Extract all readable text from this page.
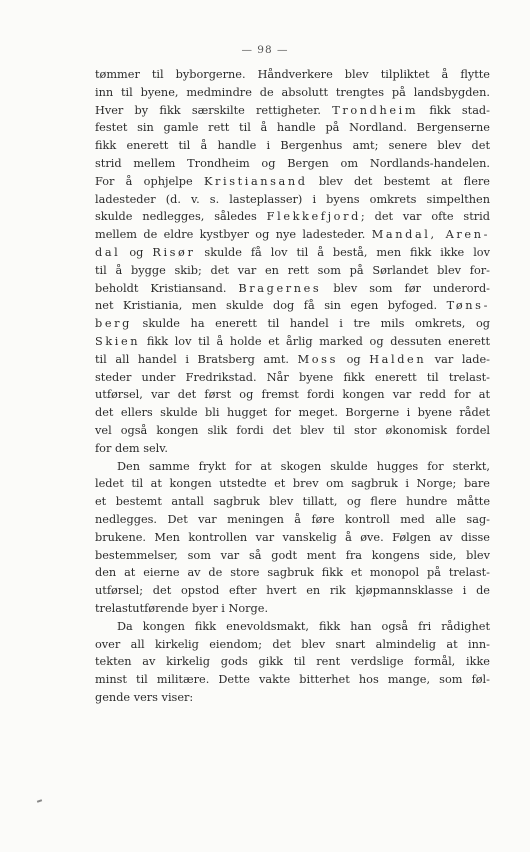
— 98 —
tømmer til byborgerne. Håndverkere blev tilpliktet å flytte
inn til byene, medmindre de absolutt trengtes på landsbygden.
Hver by fikk særskilte rettigheter. Trondheim fikk stad-
festet sin gamle rett til å handle på Nordland. Bergenserne
fikk enerett til å handle i Bergenhus amt; senere blev det
strid mellem Trondheim og Bergen om Nordlands-handelen.
For å ophjelpe Kristiansand blev det bestemt at flere
ladesteder (d. v. s. lasteplasser) i byens omkrets simpelthen
skulde nedlegges, således Flekkefjord; det var ofte strid
mellem de eldre kystbyer og nye ladesteder. Mandal, Aren-
dal og Risør skulde få lov til å bestå, men fikk ikke lov
til å bygge skib; det var en rett som på Sørlandet blev for-
beholdt Kristiansand. Bragernes blev som før underord-
net Kristiania, men skulde dog få sin egen byfoged. Tøns-
berg skulde ha enerett til handel i tre mils omkrets, og
Skien fikk lov til å holde et årlig marked og dessuten enerett
til all handel i Bratsberg amt. Moss og Halden var lade-
steder under Fredrikstad. Når byene fikk enerett til trelast-
utførsel, var det først og fremst fordi kongen var redd for at
det ellers skulde bli hugget for meget. Borgerne i byene rådet
vel også kongen slik fordi det blev til stor økonomisk fordel
for dem selv.
Den samme frykt for at skogen skulde hugges for sterkt,
ledet til at kongen utstedte et brev om sagbruk i Norge; bare
et bestemt antall sagbruk blev tillatt, og flere hundre måtte
nedlegges. Det var meningen å føre kontroll med alle sag-
brukene. Men kontrollen var vanskelig å øve. Følgen av disse
bestemmelser, som var så godt ment fra kongens side, blev
den at eierne av de store sagbruk fikk et monopol på trelast-
utførsel; det opstod efter hvert en rik kjøpmannsklasse i de
trelastutførende byer i Norge.
Da kongen fikk enevoldsmakt, fikk han også fri rådighet
over all kirkelig eiendom; det blev snart almindelig at inn-
tekten av kirkelig gods gikk til rent verdslige formål, ikke
minst til militære. Dette vakte bitterhet hos mange, som føl-
gende vers viser:
